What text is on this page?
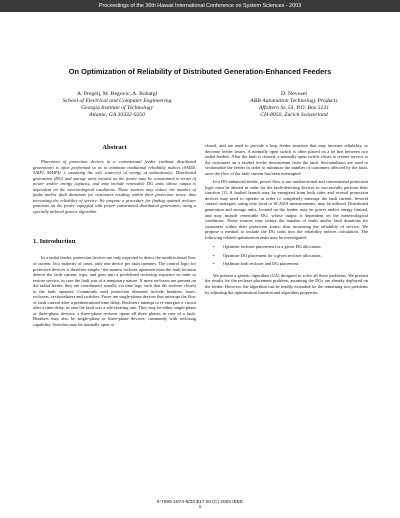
Proceedings of the 36th Hawaii International Conference on System Sciences - 2003
On Optimization of Reliability of Distributed Generation-Enhanced Feeders
A. Pregelj, M. Begovic, A. Rohatgi
School of Electrical and Computer Engineering
Georgia Institute of Technology
Atlanta, GA 30332-0250
D. Novosel
ABB Automation Technology Products
Affoltern St. 54, P.O. Box 5131
CH-8050, Zurich Switzerland
Abstract

Placement of protection devices in a conventional feeder (without distributed generation) is often performed so as to minimize traditional reliability indices (SAIDI, SAIFI, MAIFIe ), assuming the sole source(s) of energy at substation(s). Distributed generation (DG) and storage units located on the feeder may be constrained in terms of power and/or energy capacity, and may include renewable DG units whose output is dependent on the meteorological conditions. Those sources may reduce the number of faults and/or fault durations for customers residing within their protection zones, thus increasing the reliability of service. We propose a procedure for finding optimal recloser positions on the feeder equipped with power constrained distributed generators, using a specially tailored genetic algorithm.

1. Introduction

In a radial feeder, protection devices are only expected to detect the unidirectional flow of current. In a majority of cases, only one device per fault operates. The control logic for protective devices is therefore simple - the nearest recloser upstream from the fault location detects the fault current, trips, and goes into a predefined reclosing sequence in order to restore service, in case the fault was of a temporary nature. If more reclosers are present on the radial feeder, they are coordinated, usually via time lags, such that the recloser closest to the fault operates. Commonly used protection elements include breakers, fuses, reclosers, sectionalizers and switches. Fuses are single-phase devices that interrupt the flow of fault current after a predetermined time delay. Reclosers attempt to re-energize a circuit after a time delay, in case the fault was a self-clearing one. They may be either single-phase or three-phase devices; a three-phase recloser opens all three phases in case of a fault. Breakers may also be single-phase or three-phase devices; commonly with reclosing capability. Switches may be normally open or

closed, and are used to provide a loop feeder structure that may increase reliability, or decrease feeder losses. A normally open switch is often placed on a tie line between two radial feeders. After the fault is cleared, a normally open switch closes to restore service to the customers on a faulted feeder downstream from the fault. Sectionalizers are used to sectionalize the feeder in order to minimize the number of customers affected by the fault, once the flow of the fault current has been interrupted.

In a DG-enhanced feeder, power flow is not unidirectional and conventional protection logic must be altered in order for the fault-detecting devices to successfully perform their function [1]. A faulted branch may be energized from both sides and several protection devices may need to operate in order to completely interrupt the fault current. Several control strategies, using only local or SCADA measurements, may be utilized. Distributed generation and storage units, located on the feeder, may be power and/or energy limited, and may include renewable DG, whose output is dependent on the meteorological conditions. Those sources may reduce the number of faults and/or fault durations for customers within their protection zones, thus increasing the reliability of service. We propose a method to include the DG units into the reliability indices calculation. The following related optimization tasks may be investigated:

• Optimize recloser placement for a given DG allocation.
• Optimize DG placement for a given recloser allocation.
• Optimize both recloser and DG placement.

We present a genetic algorithm (GA) designed to solve all three problems. We present the results for the recloser placement problem, assuming the DGs are already deployed on the feeder. However, the algorithm can be readily extended for the remaining two problems by adjusting the optimization function and algorithm properties.

0-7695-1874-5/03 $17.00 (C) 2003 IEEE
1
